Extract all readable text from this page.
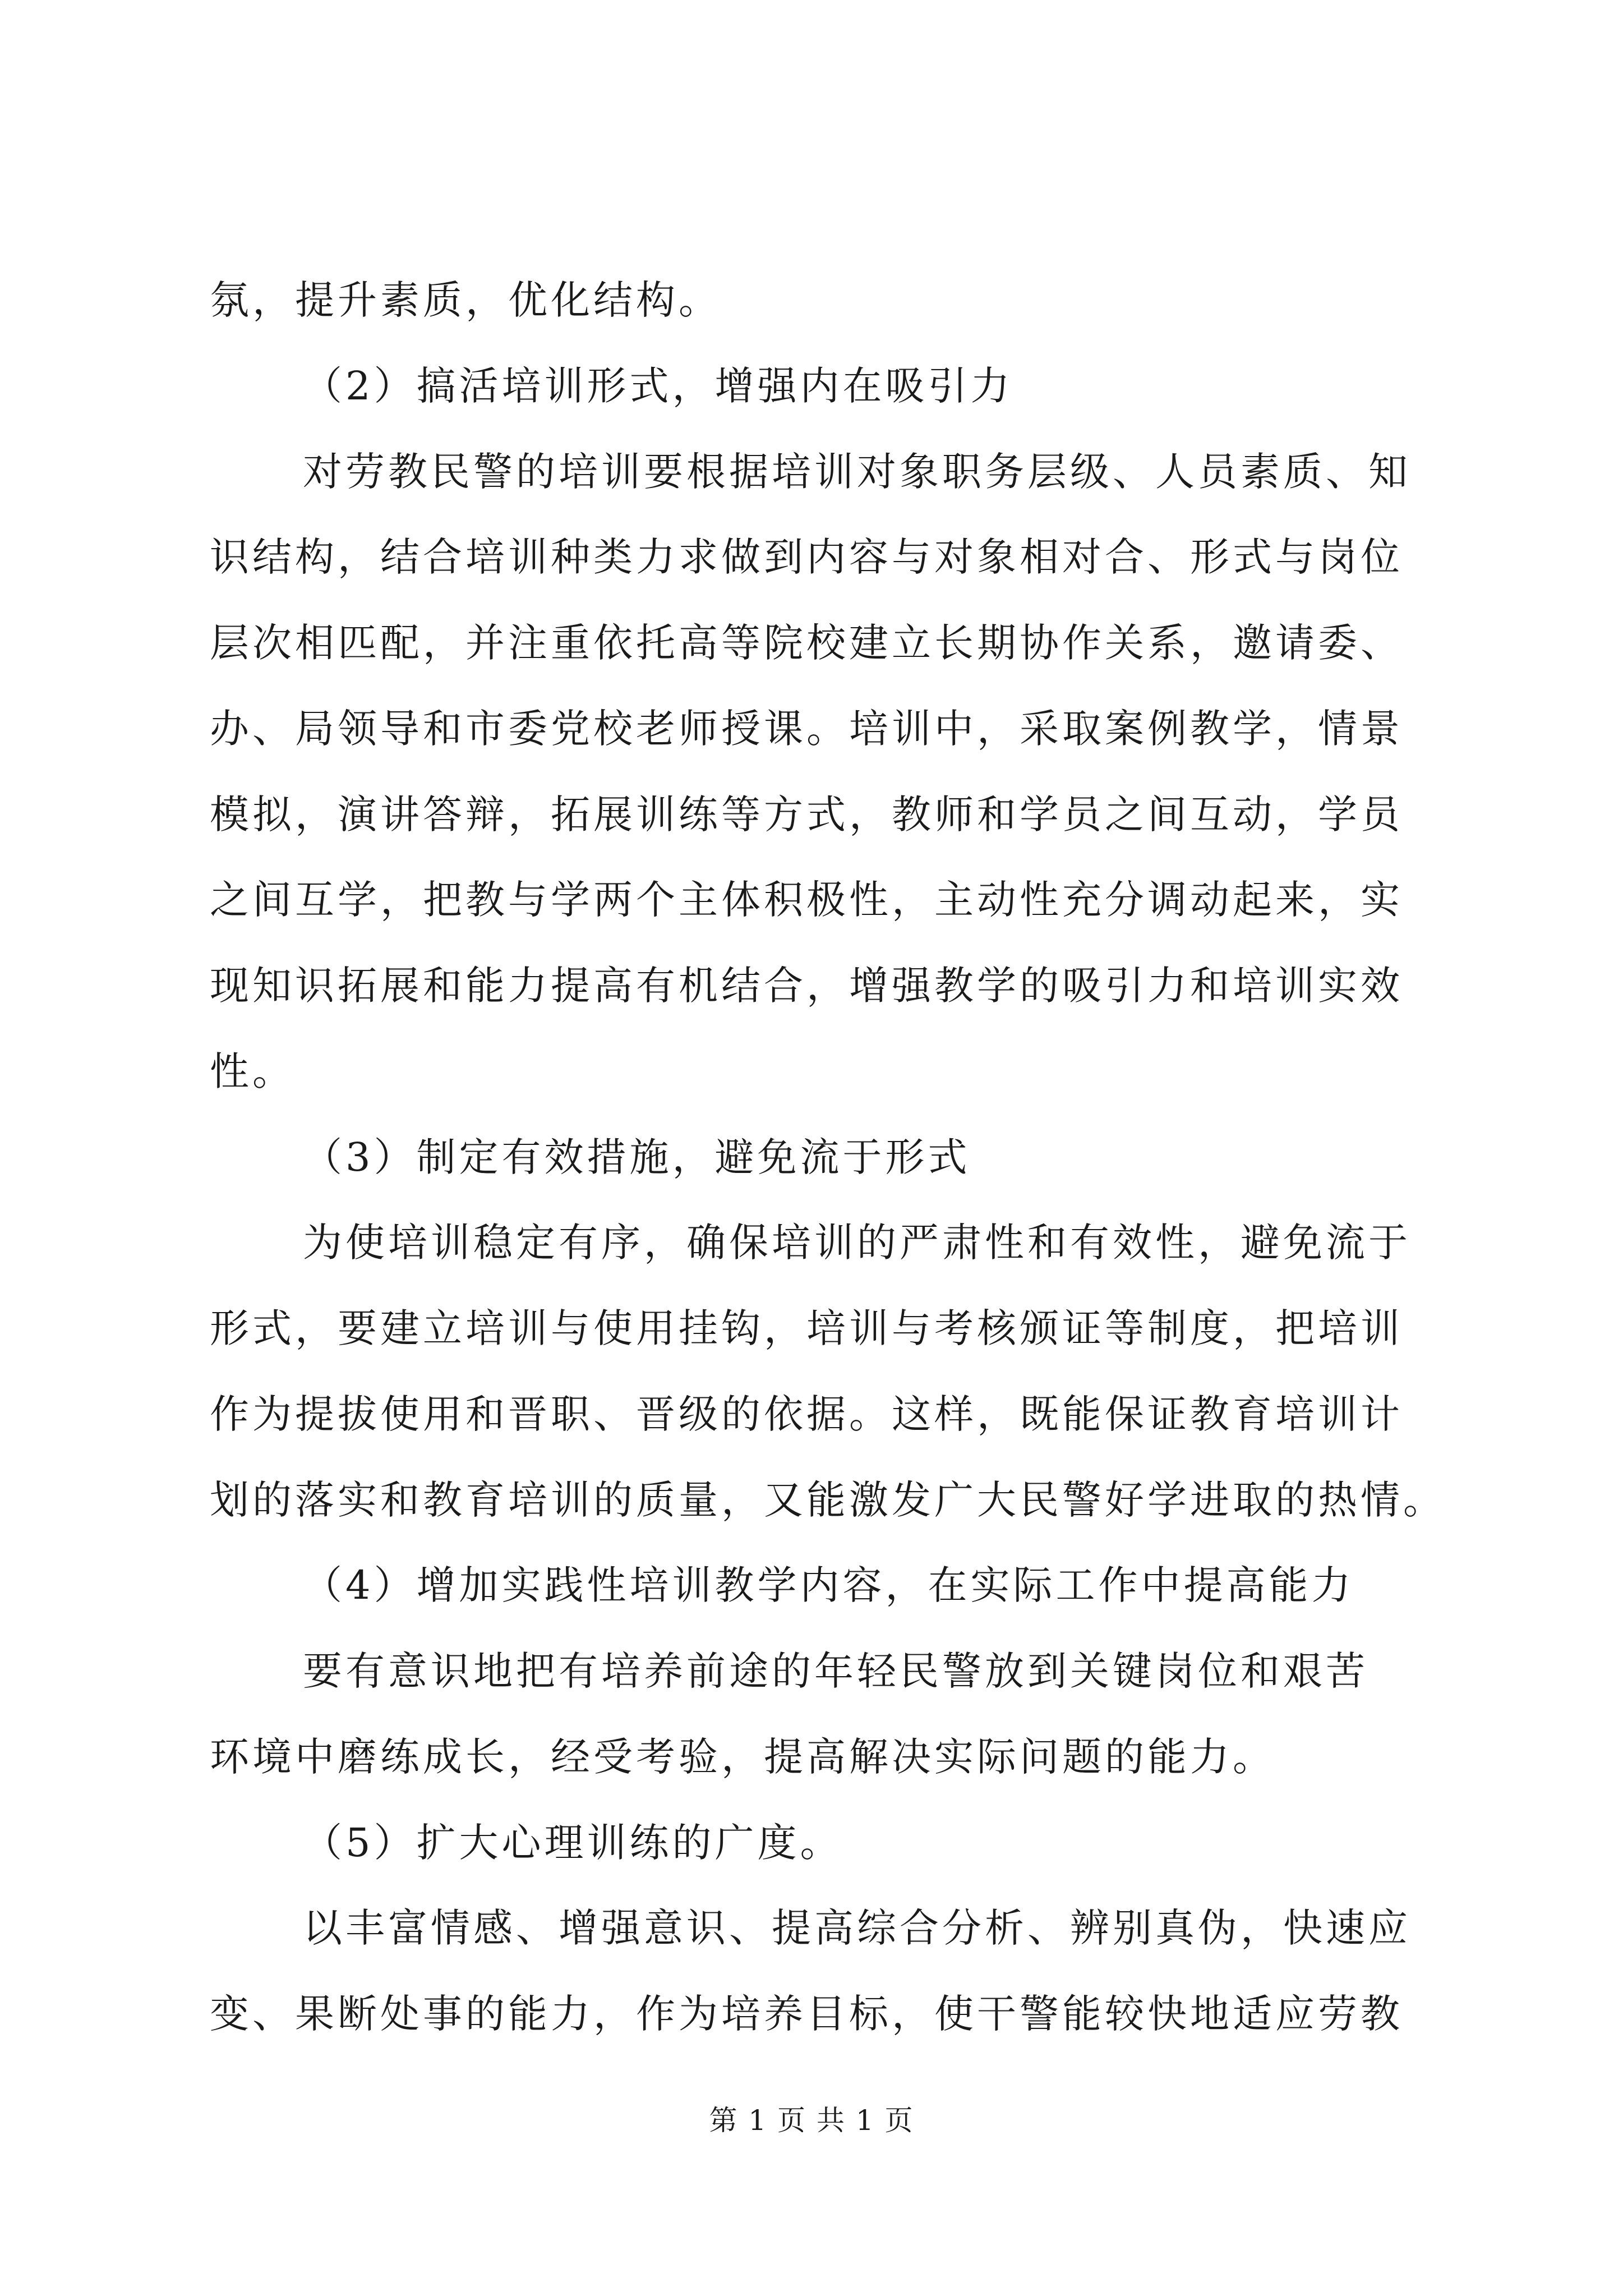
氛，提升素质，优化结构。
（2）搞活培训形式，增强内在吸引力
对劳教民警的培训要根据培训对象职务层级、人员素质、知
识结构，结合培训种类力求做到内容与对象相对合、形式与岗位
层次相匹配，并注重依托高等院校建立长期协作关系，邀请委、
办、局领导和市委党校老师授课。培训中，采取案例教学，情景
模拟，演讲答辩，拓展训练等方式，教师和学员之间互动，学员
之间互学，把教与学两个主体积极性，主动性充分调动起来，实
现知识拓展和能力提高有机结合，增强教学的吸引力和培训实效
性。
（3）制定有效措施，避免流于形式
为使培训稳定有序，确保培训的严肃性和有效性，避免流于
形式，要建立培训与使用挂钩，培训与考核颁证等制度，把培训
作为提拔使用和晋职、晋级的依据。这样，既能保证教育培训计
划的落实和教育培训的质量，又能激发广大民警好学进取的热情。
（4）增加实践性培训教学内容，在实际工作中提高能力
要有意识地把有培养前途的年轻民警放到关键岗位和艰苦
环境中磨练成长，经受考验，提高解决实际问题的能力。
（5）扩大心理训练的广度。
以丰富情感、增强意识、提高综合分析、辨别真伪，快速应
变、果断处事的能力，作为培养目标，使干警能较快地适应劳教
第 1 页 共 1 页
